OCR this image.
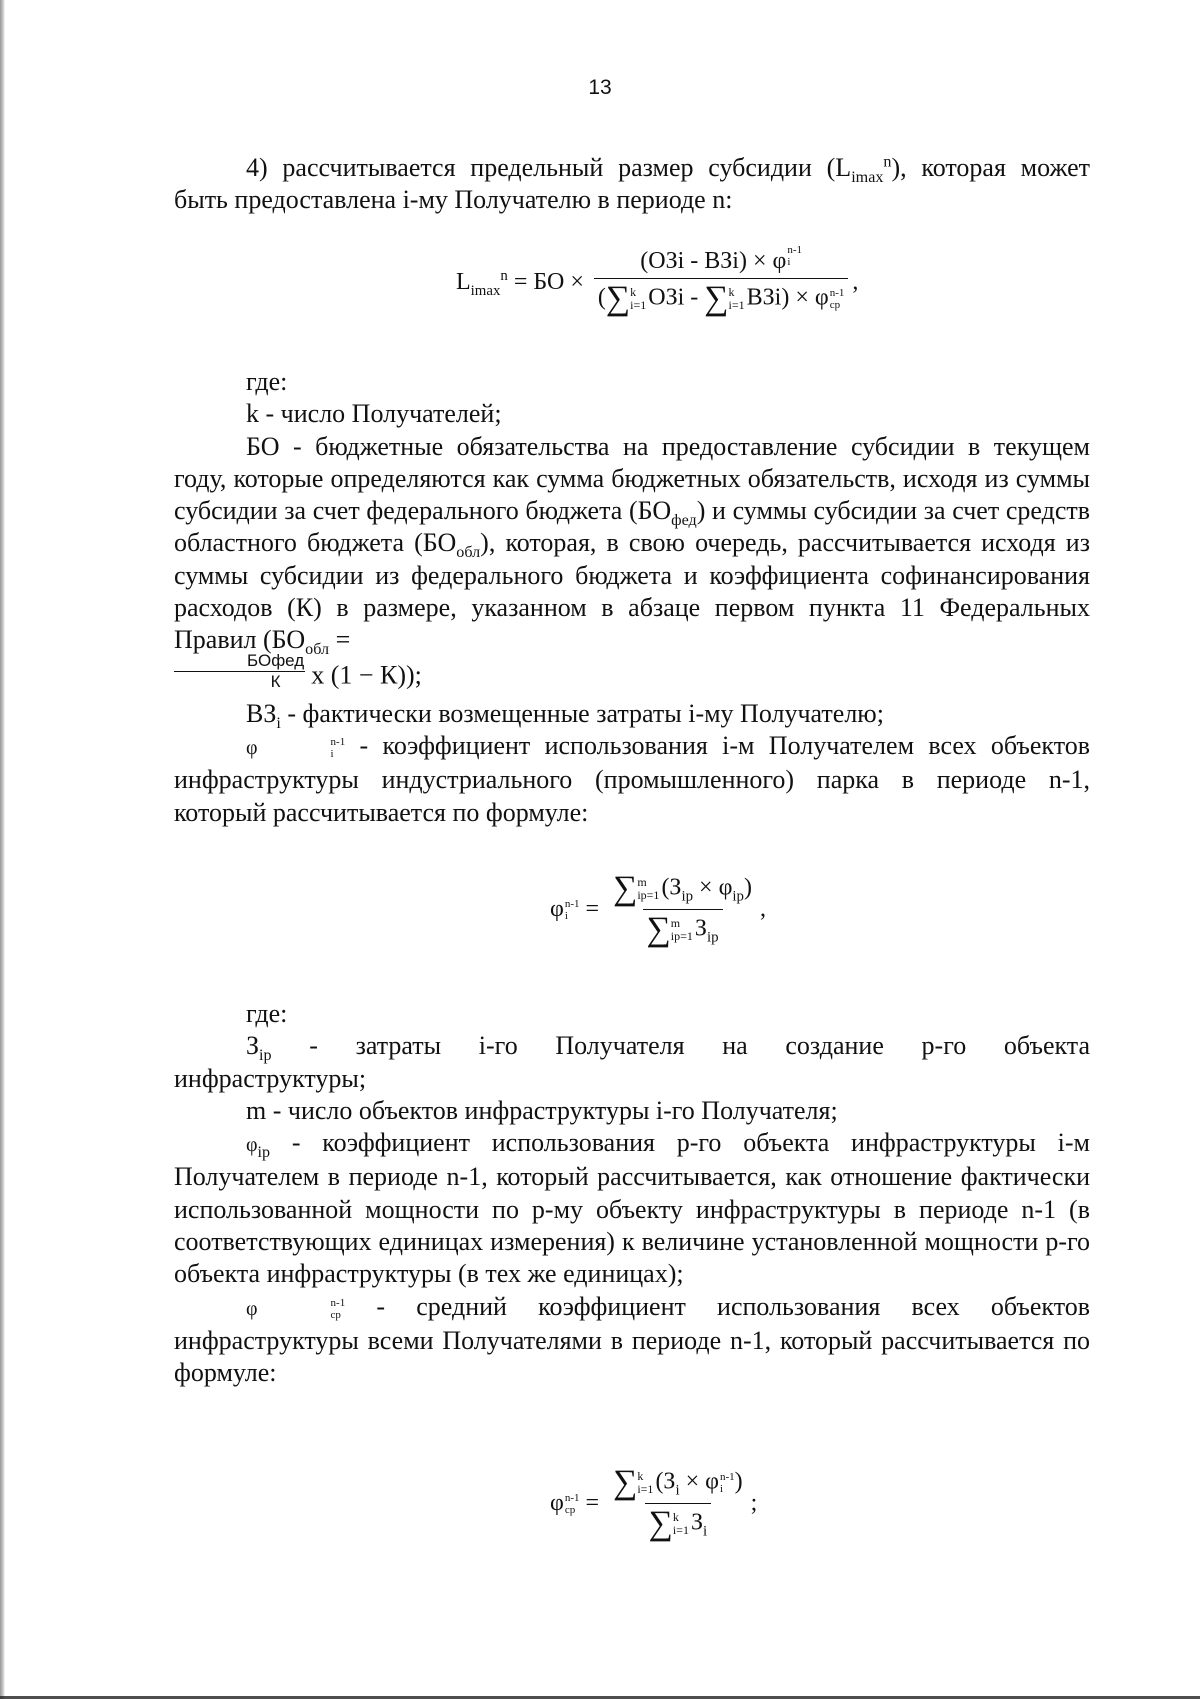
13

4) рассчитывается предельный размер субсидии $(L_{imax}^n)$, которая может быть предоставлена i-му Получателю в периоде n:

$L_{imax}^n$ = БО × (ОЗi - ВЗi) × φ n-1
i
(∑ k
i=1 ОЗi - ∑ k
i=1 ВЗi) × φ n-1
ср ,

где:

k - число Получателей;

БО - бюджетные обязательства на предоставление субсидии в текущем году, которые определяются как сумма бюджетных обязательств, исходя из суммы субсидии за счет федерального бюджета $(БО_{фед})$ и суммы субсидии за счет средств областного бюджета $(БО_{обл})$, которая, в свою очередь, рассчитывается исходя из суммы субсидии из федерального бюджета и коэффициента софинансирования расходов (К) в размере, указанном в абзаце первом пункта 11 Федеральных Правил ($БО_{обл}$ =

БОфед
К х (1 − К));

$ВЗ_i$ - фактически возмещенные затраты i-му Получателю;

φ	n-1
i - коэффициент использования i-м Получателем всех объектов инфраструктуры индустриального (промышленного) парка в периоде n-1, который рассчитывается по формуле:

φ n-1
i = ∑ m
ip=1 $(З_{ip} \times \varphi_{ip})$
∑ m
ip=1 $З_{ip}$ ,

где:

$З_{ip}$ - затраты i-го Получателя на создание p-го объекта

инфраструктуры;

m - число объектов инфраструктуры i-го Получателя;

$\varphi_{ip}$ - коэффициент использования p-го объекта инфраструктуры i-м Получателем в периоде n-1, который рассчитывается, как отношение фактически использованной мощности по p-му объекту инфраструктуры в периоде n-1 (в соответствующих единицах измерения) к величине установленной мощности p-го объекта инфраструктуры (в тех же единицах);

φ	n-1
ср - средний коэффициент использования всех объектов инфраструктуры всеми Получателями в периоде n-1, который рассчитывается по формуле:

φ n-1
ср = ∑ k
i=1 ($З_i \times \varphi$ n-1
i )
∑ k
i=1 $З_i$ ;
